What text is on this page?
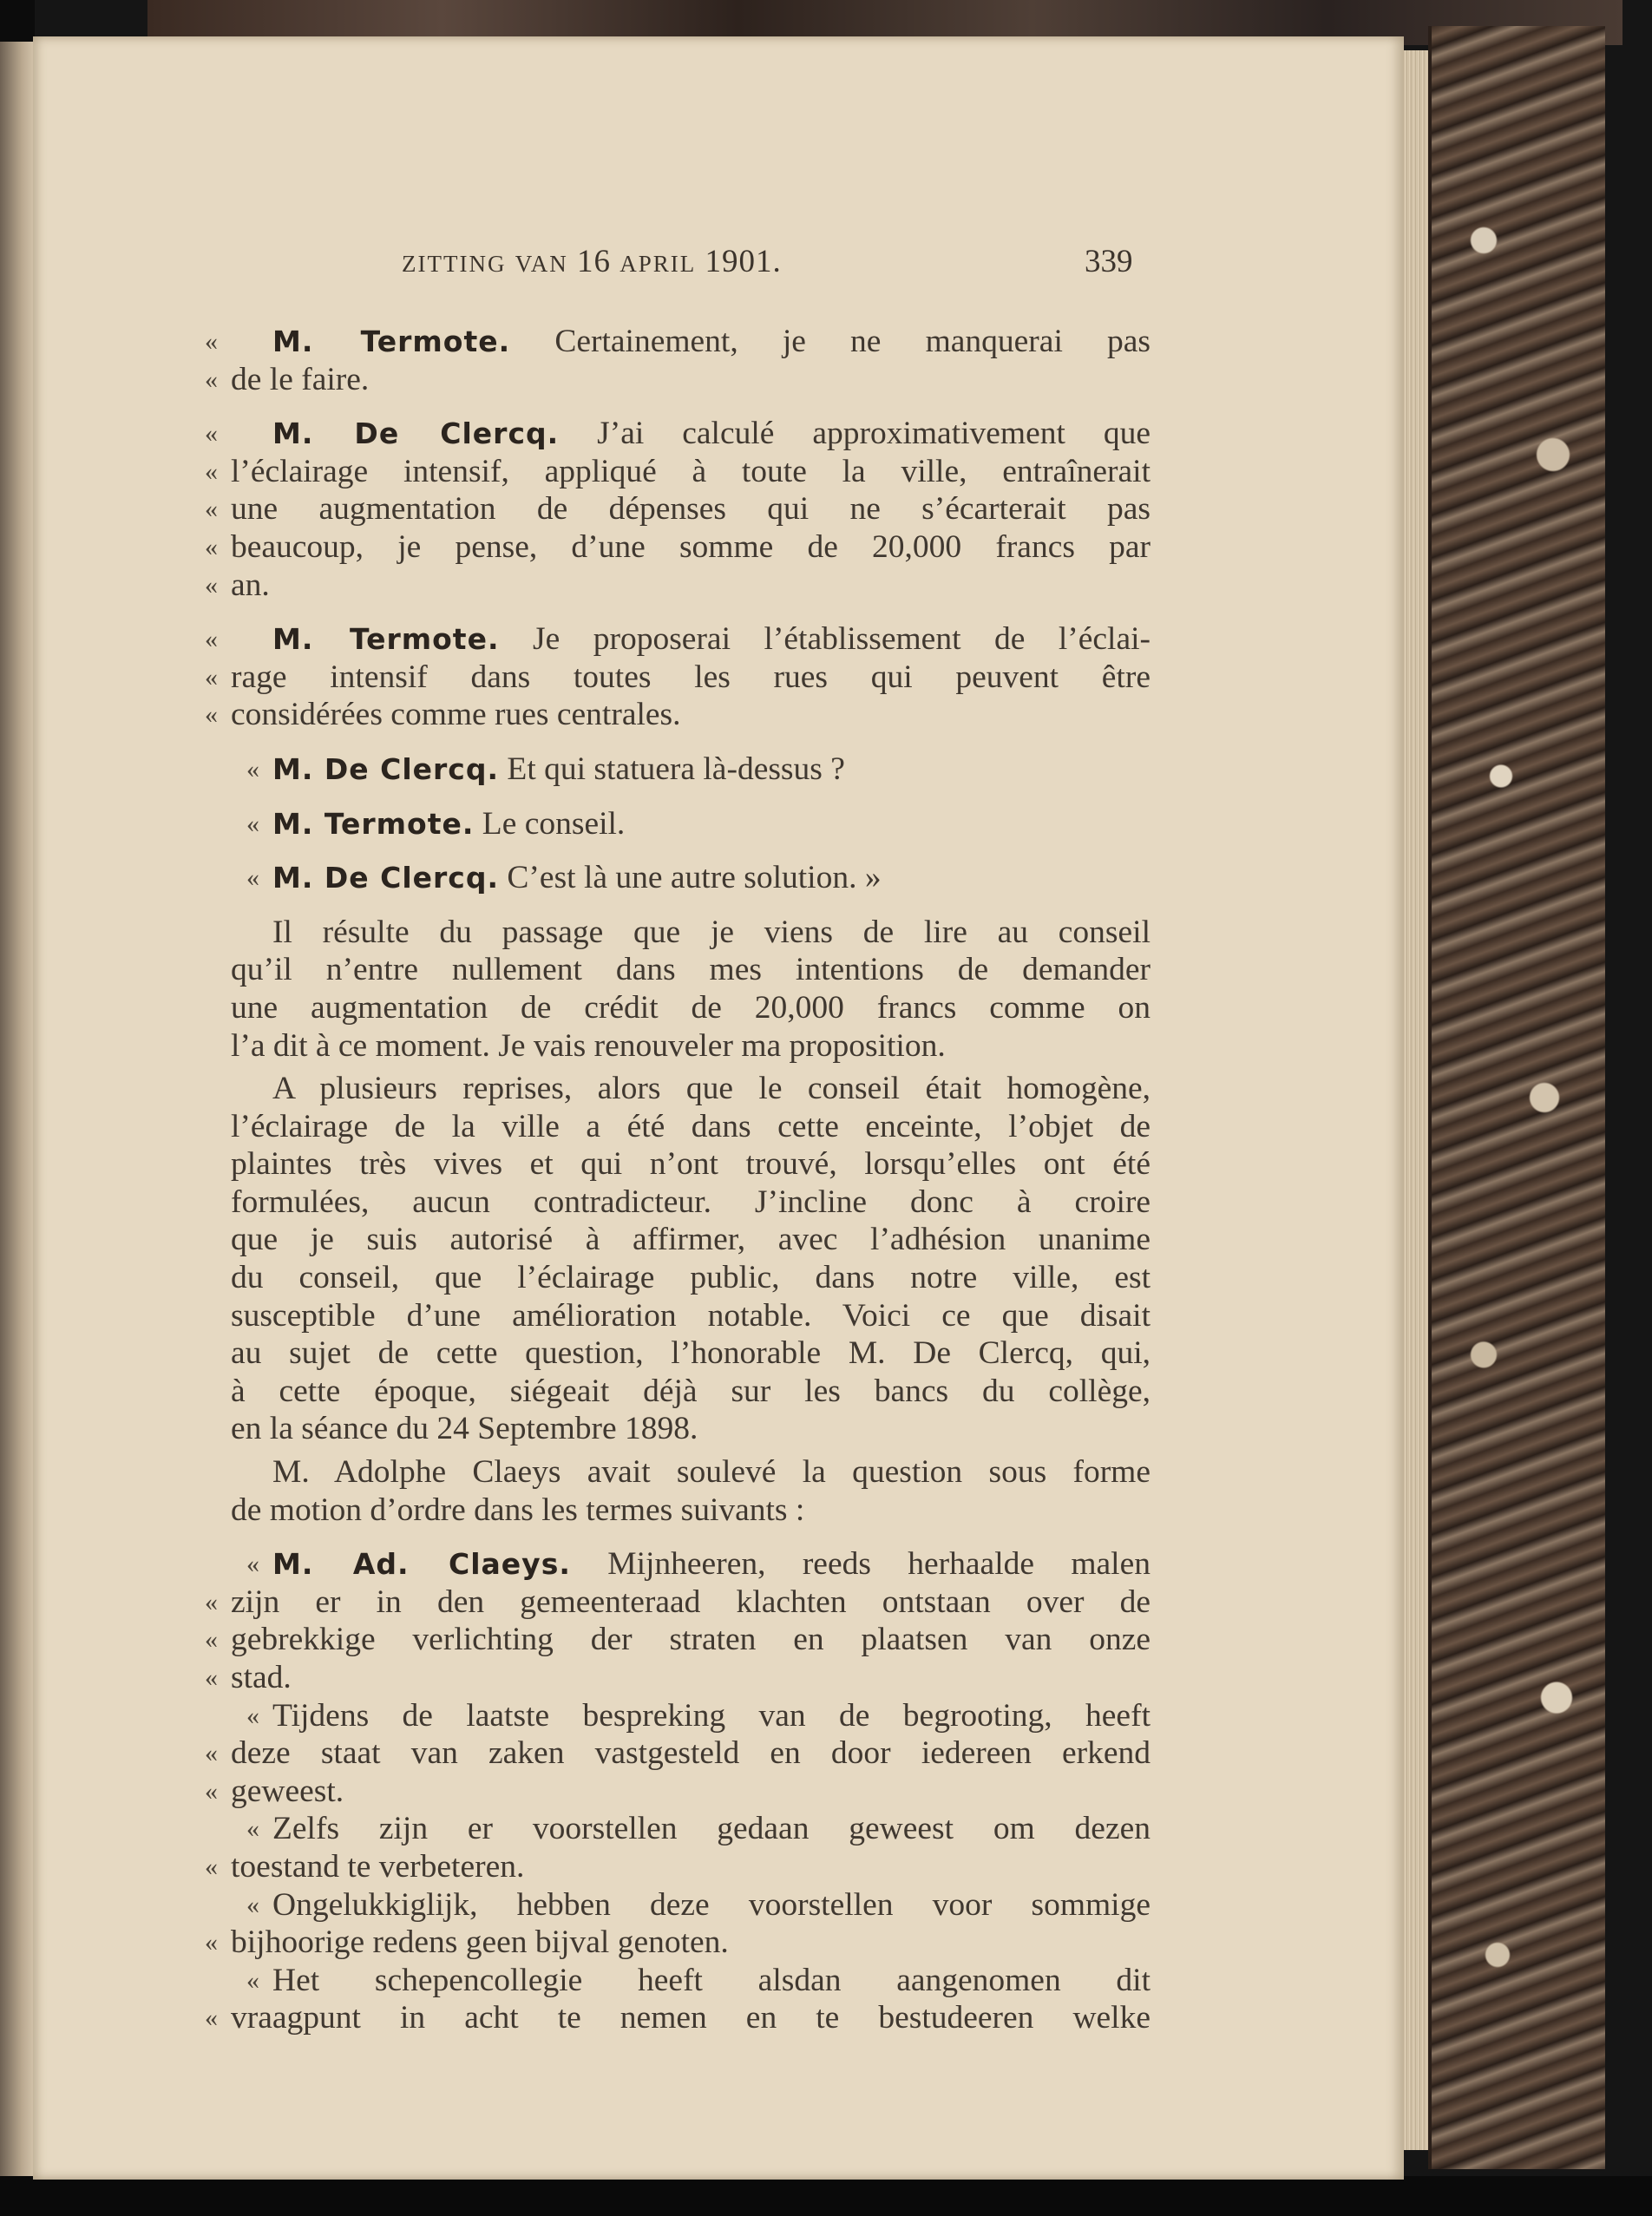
ZITTING VAN 16 APRIL 1901.	339
« M. Termote. Certainement, je ne manquerai pas
« de le faire.
« M. De Clercq. J’ai calculé approximativement que
« l’éclairage intensif, appliqué à toute la ville, entraînerait
« une augmentation de dépenses qui ne s’écarterait pas
« beaucoup, je pense, d’une somme de 20,000 francs par
« an.
« M. Termote. Je proposerai l’établissement de l’éclai-
« rage intensif dans toutes les rues qui peuvent être
« considérées comme rues centrales.
« M. De Clercq. Et qui statuera là-dessus ?
« M. Termote. Le conseil.
« M. De Clercq. C’est là une autre solution. »
Il résulte du passage que je viens de lire au conseil
qu’il n’entre nullement dans mes intentions de demander
une augmentation de crédit de 20,000 francs comme on
l’a dit à ce moment. Je vais renouveler ma proposition.
A plusieurs reprises, alors que le conseil était homogène,
l’éclairage de la ville a été dans cette enceinte, l’objet de
plaintes très vives et qui n’ont trouvé, lorsqu’elles ont été
formulées, aucun contradicteur. J’incline donc à croire
que je suis autorisé à affirmer, avec l’adhésion unanime
du conseil, que l’éclairage public, dans notre ville, est
susceptible d’une amélioration notable. Voici ce que disait
au sujet de cette question, l’honorable M. De Clercq, qui,
à cette époque, siégeait déjà sur les bancs du collège,
en la séance du 24 Septembre 1898.
M. Adolphe Claeys avait soulevé la question sous forme
de motion d’ordre dans les termes suivants :
« M. Ad. Claeys. Mijnheeren, reeds herhaalde malen
« zijn er in den gemeenteraad klachten ontstaan over de
« gebrekkige verlichting der straten en plaatsen van onze
« stad.
« Tijdens de laatste bespreking van de begrooting, heeft
« deze staat van zaken vastgesteld en door iedereen erkend
« geweest.
« Zelfs zijn er voorstellen gedaan geweest om dezen
« toestand te verbeteren.
« Ongelukkiglijk, hebben deze voorstellen voor sommige
« bijhoorige redens geen bijval genoten.
« Het schepencollegie heeft alsdan aangenomen dit
« vraagpunt in acht te nemen en te bestudeeren welke
